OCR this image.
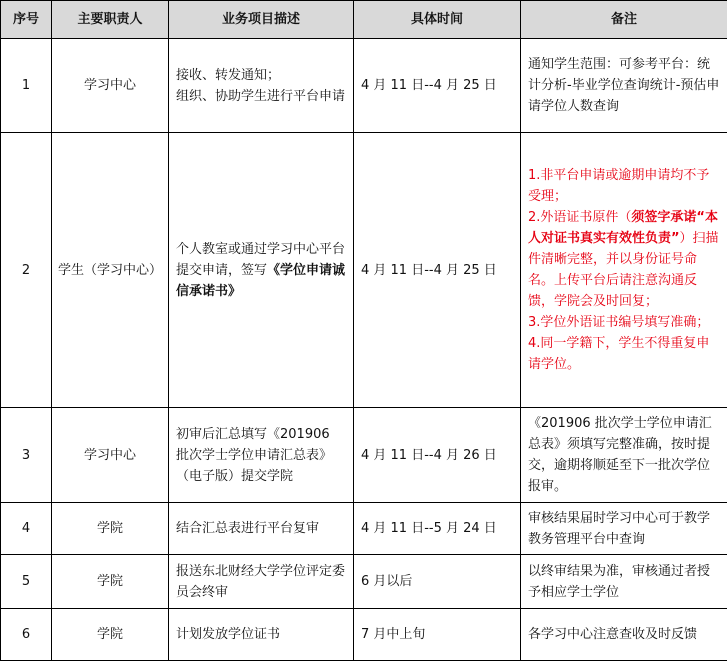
序号	主要职责人	业务项目描述	具体时间	备注
1	学习中心	接收、转发通知；
组织、协助学生进行平台申请	4 月 11 日--4 月 25 日	通知学生范围：可参考平台：统计分析-毕业学位查询统计-预估申请学位人数查询
2	学生（学习中心）	个人教室或通过学习中心平台提交申请，签写《学位申请诚信承诺书》	4 月 11 日--4 月 25 日	1.非平台申请或逾期申请均不予受理；
2.外语证书原件（须签字承诺“本人对证书真实有效性负责”）扫描件清晰完整，并以身份证号命名。上传平台后请注意沟通反馈，学院会及时回复；
3.学位外语证书编号填写准确；
4.同一学籍下，学生不得重复申请学位。

3	学习中心	初审后汇总填写《201906 批次学士学位申请汇总表》（电子版）提交学院	4 月 11 日--4 月 26 日	《201906 批次学士学位申请汇总表》须填写完整准确，按时提交，逾期将顺延至下一批次学位报审。
4	学院	结合汇总表进行平台复审	4 月 11 日--5 月 24 日	审核结果届时学习中心可于教学教务管理平台中查询
5	学院	报送东北财经大学学位评定委员会终审	6 月以后	以终审结果为准，审核通过者授予相应学士学位
6	学院	计划发放学位证书	7 月中上旬	各学习中心注意查收及时反馈
